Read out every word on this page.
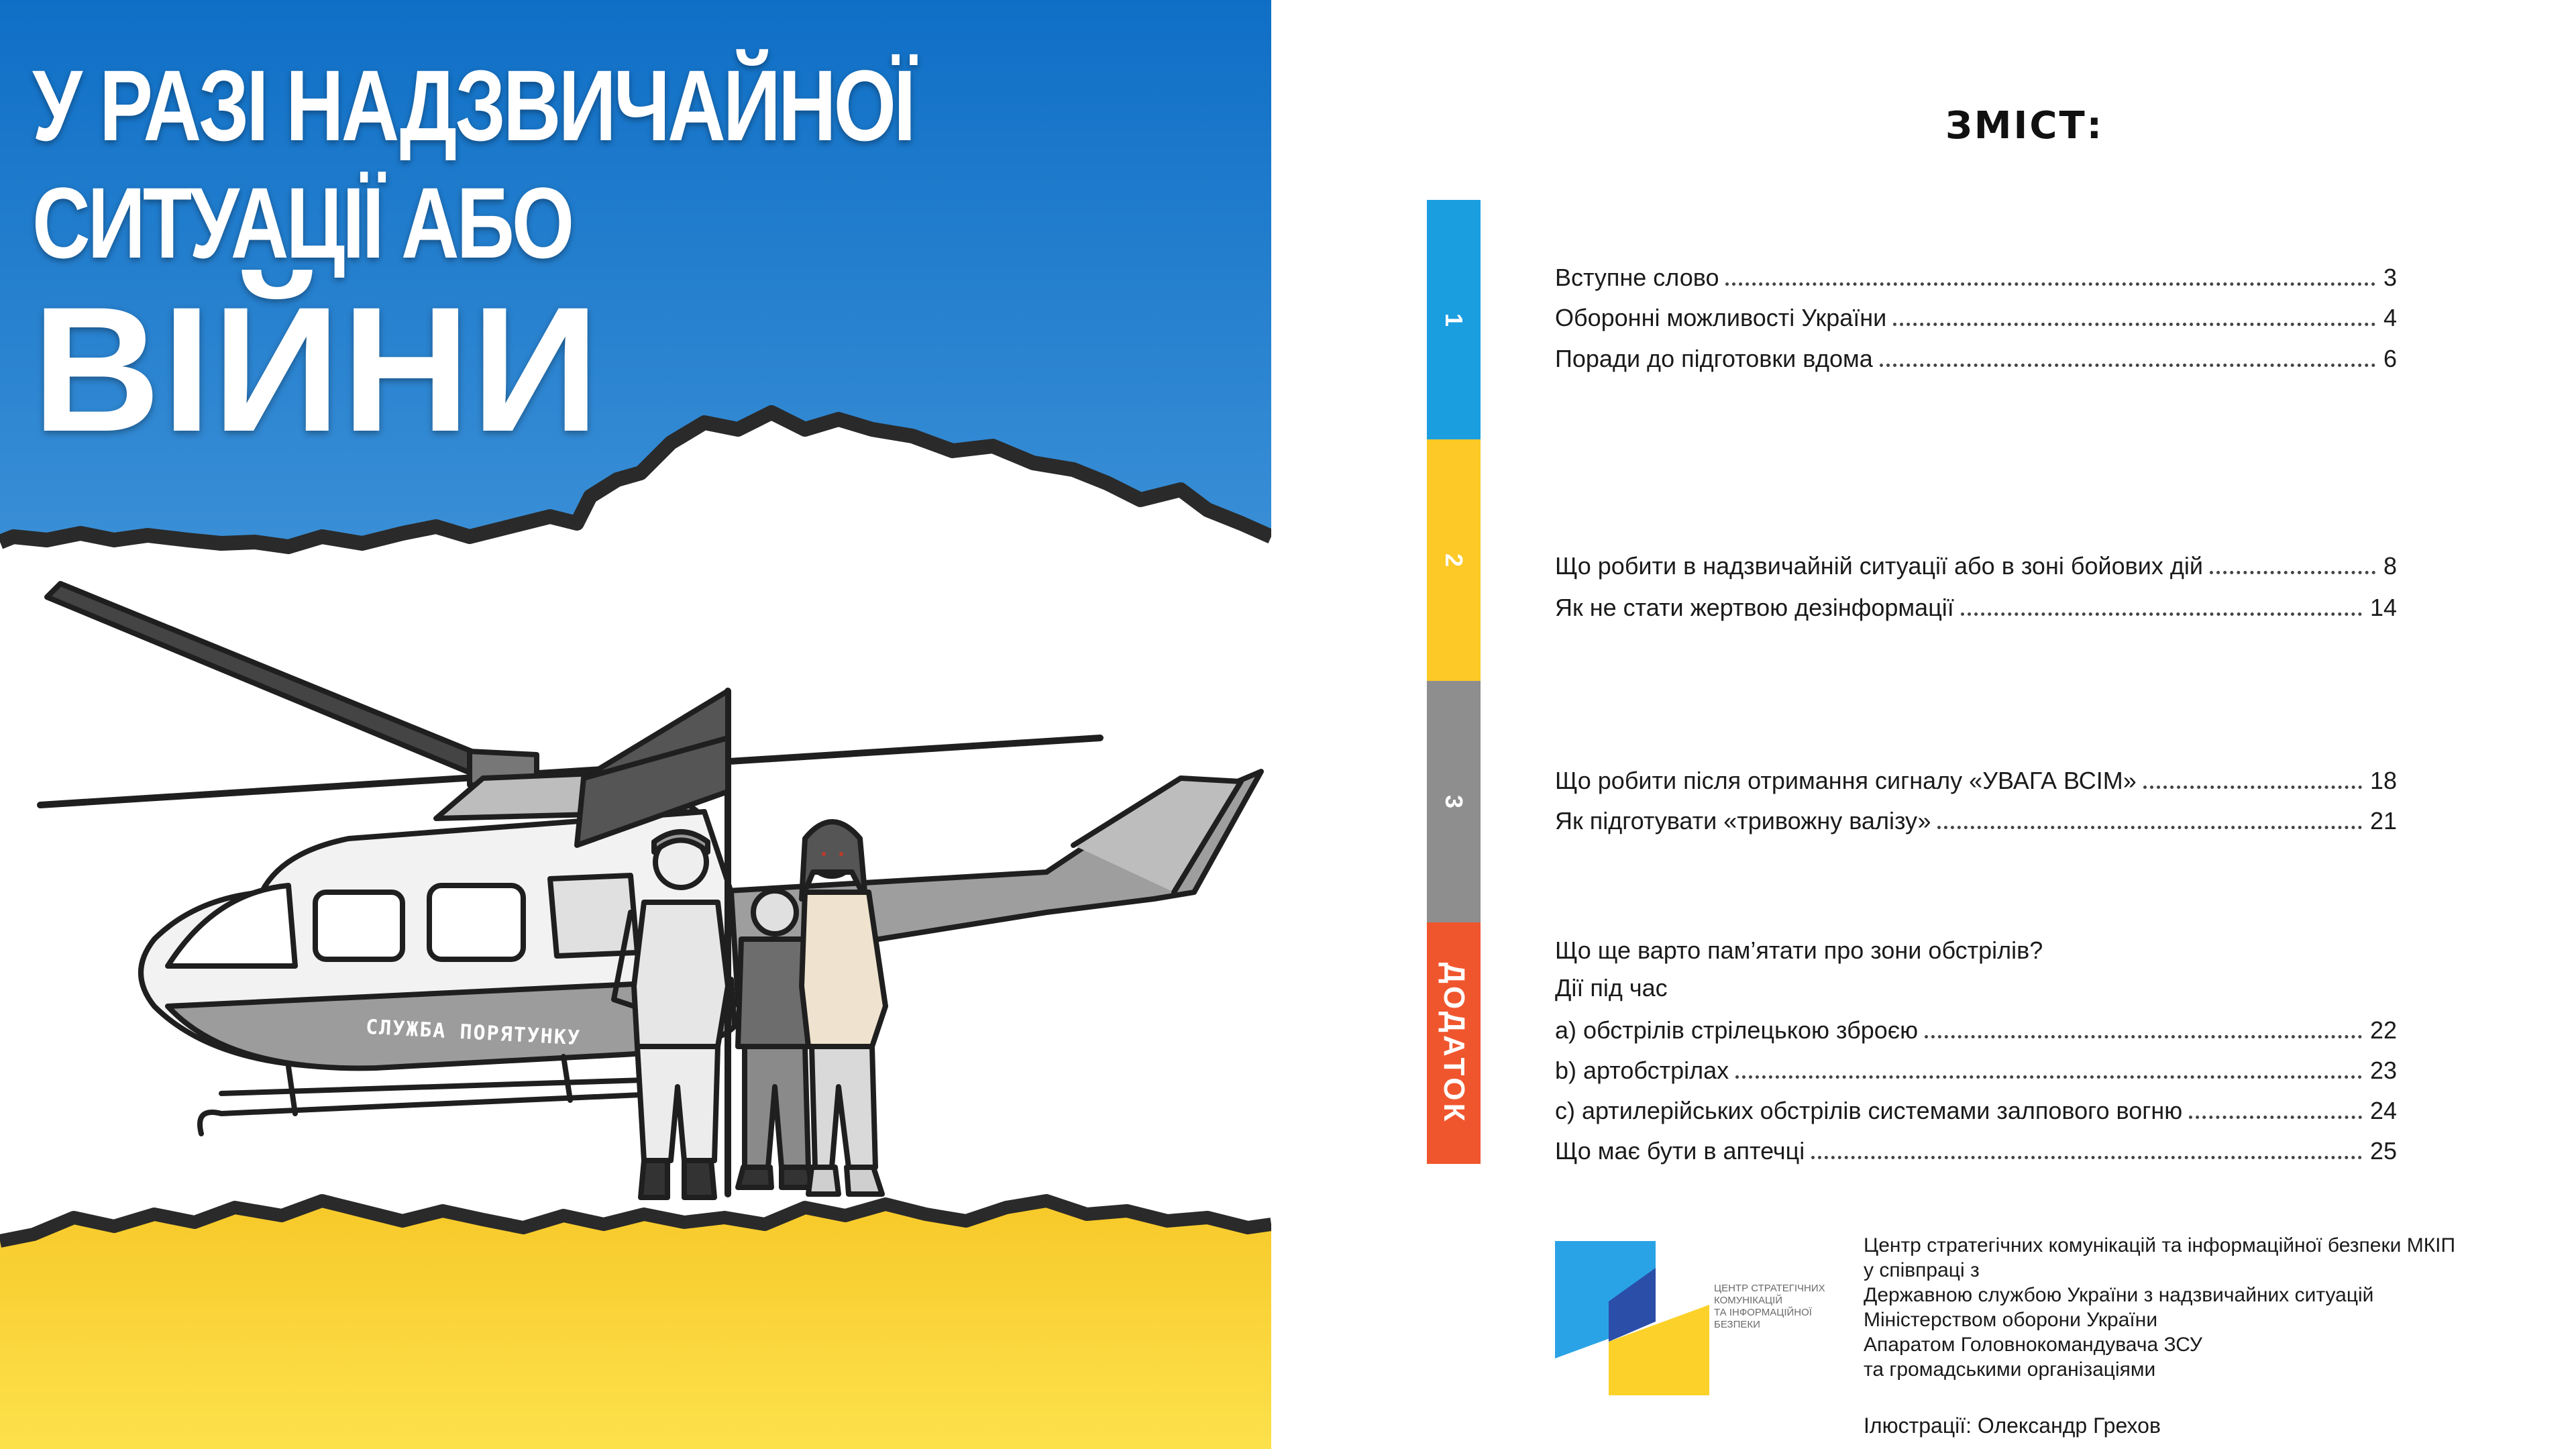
У РАЗІ НАДЗВИЧАЙНОЇ
СИТУАЦІЇ АБО
ВІЙНИ
СЛУЖБА ПОРЯТУНКУ
ЗМІСТ:
1
2
3
ДОДАТОК
Вступне слово	3
Оборонні можливості України	4
Поради до підготовки вдома	6
Що робити в надзвичайній ситуації або в зоні бойових дій	8
Як не стати жертвою дезінформації	14
Що робити після отримання сигналу «УВАГА ВСІМ»	18
Як підготувати «тривожну валізу»	21
Що ще варто пам’ятати про зони обстрілів?
Дії під час
a) обстрілів стрілецькою зброєю	22
b) артобстрілах	23
c) артилерійських обстрілів системами залпового вогню	24
Що має бути в аптечці	25
ЦЕНТР СТРАТЕГІЧНИХ
КОМУНІКАЦІЙ
ТА ІНФОРМАЦІЙНОЇ
БЕЗПЕКИ
Центр стратегічних комунікацій та інформаційної безпеки МКІП
у співпраці з
Державною службою України з надзвичайних ситуацій
Міністерством оборони України
Апаратом Головнокомандувача ЗСУ
та громадськими організаціями
Ілюстрації: Олександр Грехов
